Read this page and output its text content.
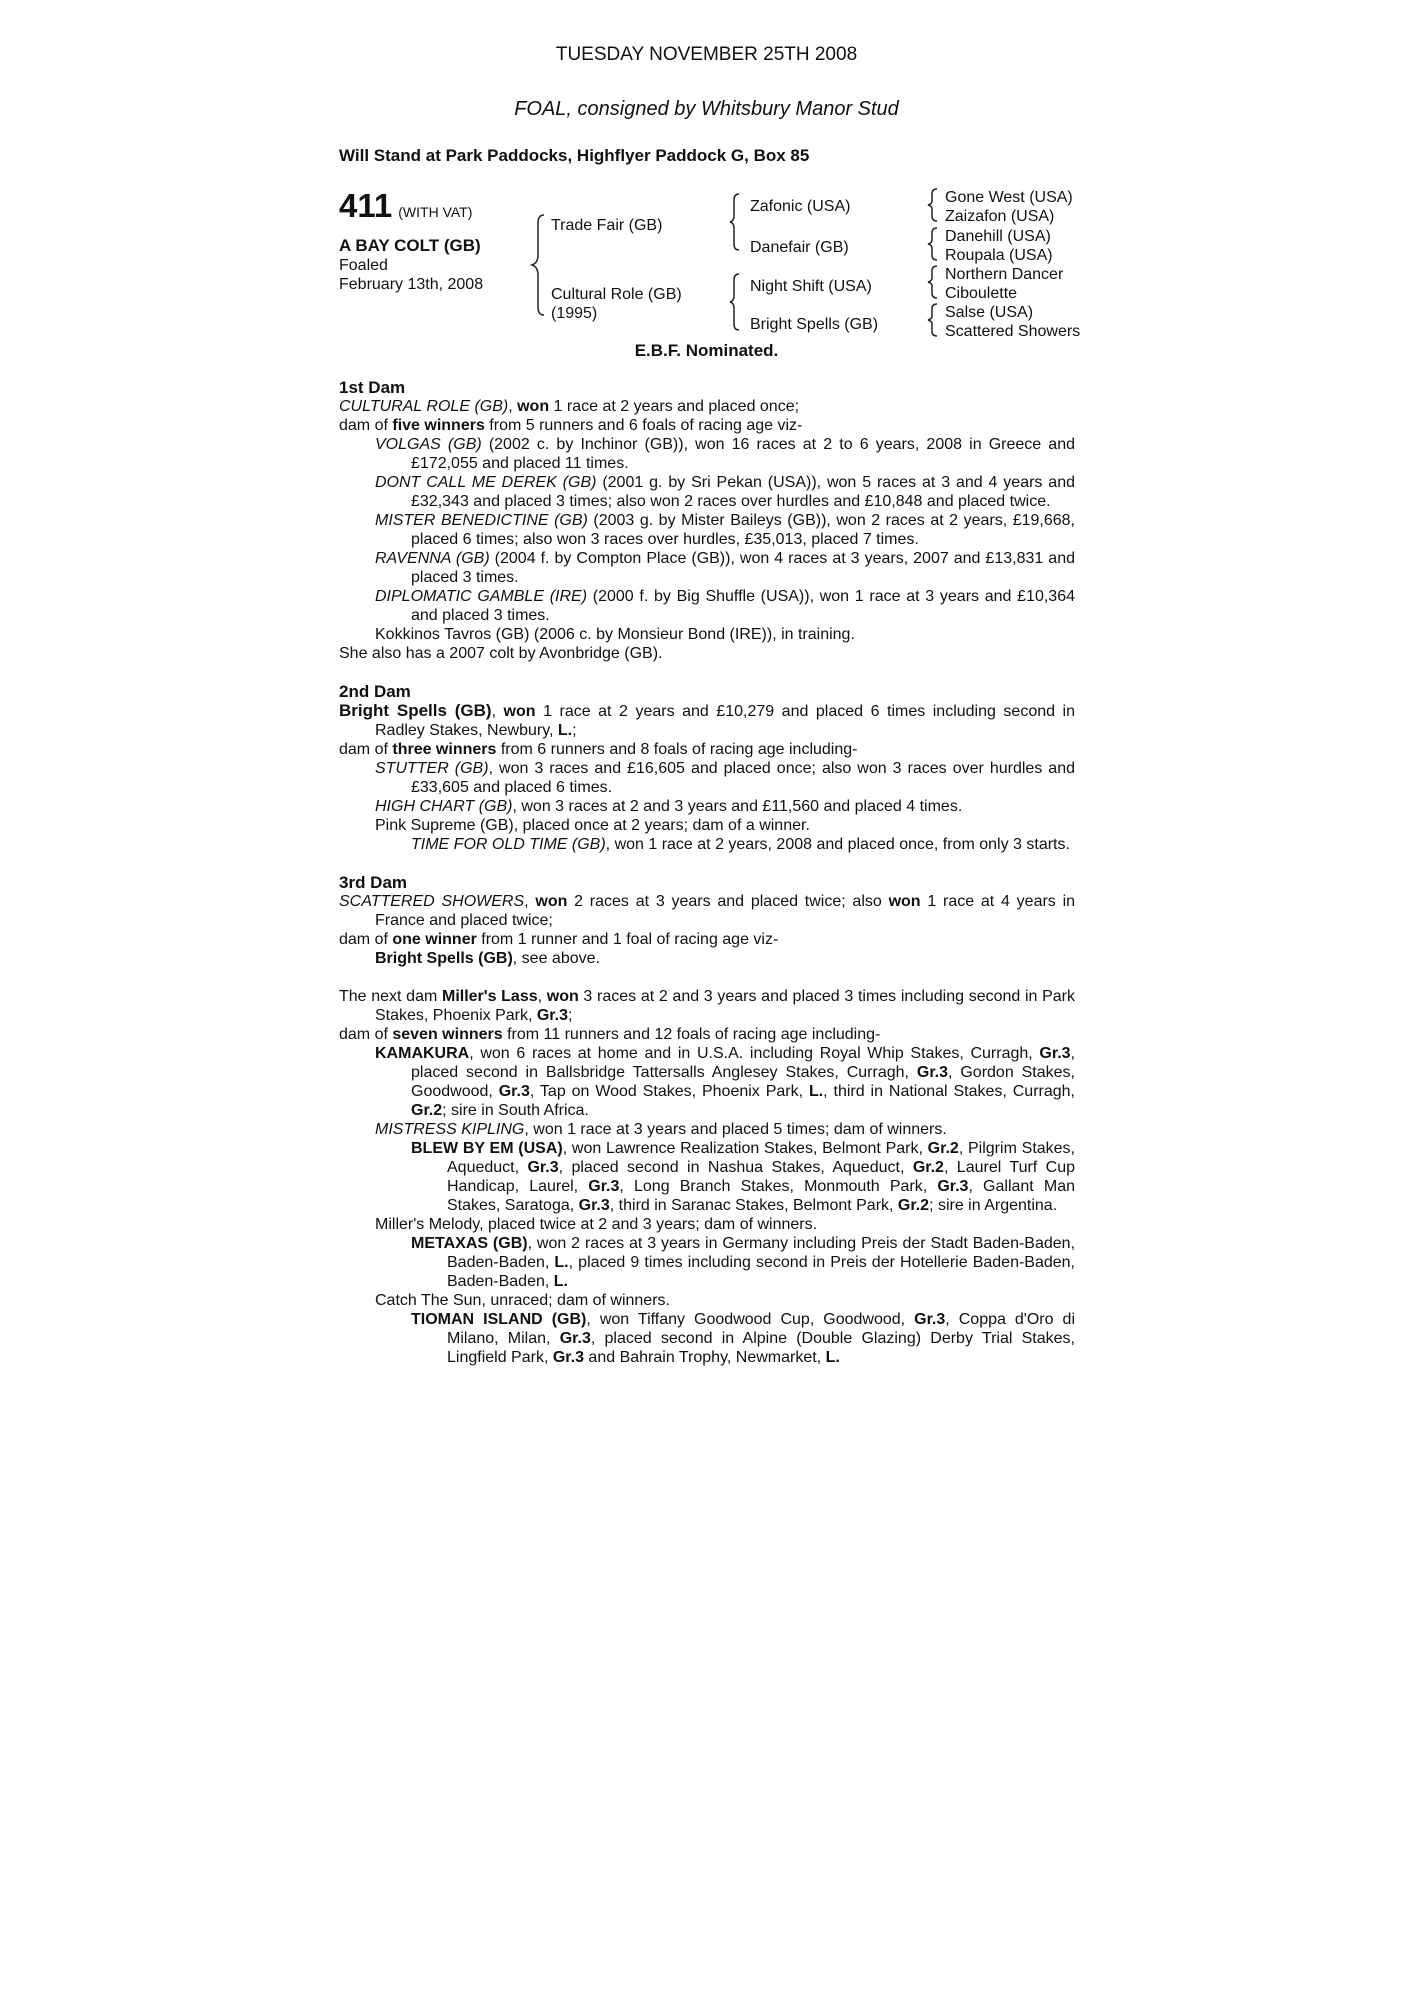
TUESDAY NOVEMBER 25TH 2008
FOAL, consigned by Whitsbury Manor Stud
Will Stand at Park Paddocks, Highflyer Paddock G, Box 85
411 (WITH VAT)
A BAY COLT (GB)
Foaled
February 13th, 2008
Trade Fair (GB)
Cultural Role (GB)
(1995)
Zafonic (USA)
Danefair (GB)
Night Shift (USA)
Bright Spells (GB)
Gone West (USA)
Zaizafon (USA)
Danehill (USA)
Roupala (USA)
Northern Dancer
Ciboulette
Salse (USA)
Scattered Showers
E.B.F. Nominated.

1st Dam

CULTURAL ROLE (GB), won 1 race at 2 years and placed once;

dam of five winners from 5 runners and 6 foals of racing age viz-

VOLGAS (GB) (2002 c. by Inchinor (GB)), won 16 races at 2 to 6 years, 2008 in Greece and £172,055 and placed 11 times.

DONT CALL ME DEREK (GB) (2001 g. by Sri Pekan (USA)), won 5 races at 3 and 4 years and £32,343 and placed 3 times; also won 2 races over hurdles and £10,848 and placed twice.

MISTER BENEDICTINE (GB) (2003 g. by Mister Baileys (GB)), won 2 races at 2 years, £19,668, placed 6 times; also won 3 races over hurdles, £35,013, placed 7 times.

RAVENNA (GB) (2004 f. by Compton Place (GB)), won 4 races at 3 years, 2007 and £13,831 and placed 3 times.

DIPLOMATIC GAMBLE (IRE) (2000 f. by Big Shuffle (USA)), won 1 race at 3 years and £10,364 and placed 3 times.

Kokkinos Tavros (GB) (2006 c. by Monsieur Bond (IRE)), in training.

She also has a 2007 colt by Avonbridge (GB).

2nd Dam

Bright Spells (GB), won 1 race at 2 years and £10,279 and placed 6 times including second in Radley Stakes, Newbury, L.;

dam of three winners from 6 runners and 8 foals of racing age including-

STUTTER (GB), won 3 races and £16,605 and placed once; also won 3 races over hurdles and £33,605 and placed 6 times.

HIGH CHART (GB), won 3 races at 2 and 3 years and £11,560 and placed 4 times.

Pink Supreme (GB), placed once at 2 years; dam of a winner.

TIME FOR OLD TIME (GB), won 1 race at 2 years, 2008 and placed once, from only 3 starts.

3rd Dam

SCATTERED SHOWERS, won 2 races at 3 years and placed twice; also won 1 race at 4 years in France and placed twice;

dam of one winner from 1 runner and 1 foal of racing age viz-

Bright Spells (GB), see above.

The next dam Miller's Lass, won 3 races at 2 and 3 years and placed 3 times including second in Park Stakes, Phoenix Park, Gr.3;

dam of seven winners from 11 runners and 12 foals of racing age including-

KAMAKURA, won 6 races at home and in U.S.A. including Royal Whip Stakes, Curragh, Gr.3, placed second in Ballsbridge Tattersalls Anglesey Stakes, Curragh, Gr.3, Gordon Stakes, Goodwood, Gr.3, Tap on Wood Stakes, Phoenix Park, L., third in National Stakes, Curragh, Gr.2; sire in South Africa.

MISTRESS KIPLING, won 1 race at 3 years and placed 5 times; dam of winners.

BLEW BY EM (USA), won Lawrence Realization Stakes, Belmont Park, Gr.2, Pilgrim Stakes, Aqueduct, Gr.3, placed second in Nashua Stakes, Aqueduct, Gr.2, Laurel Turf Cup Handicap, Laurel, Gr.3, Long Branch Stakes, Monmouth Park, Gr.3, Gallant Man Stakes, Saratoga, Gr.3, third in Saranac Stakes, Belmont Park, Gr.2; sire in Argentina.

Miller's Melody, placed twice at 2 and 3 years; dam of winners.

METAXAS (GB), won 2 races at 3 years in Germany including Preis der Stadt Baden-Baden, Baden-Baden, L., placed 9 times including second in Preis der Hotellerie Baden-Baden, Baden-Baden, L.

Catch The Sun, unraced; dam of winners.

TIOMAN ISLAND (GB), won Tiffany Goodwood Cup, Goodwood, Gr.3, Coppa d'Oro di Milano, Milan, Gr.3, placed second in Alpine (Double Glazing) Derby Trial Stakes, Lingfield Park, Gr.3 and Bahrain Trophy, Newmarket, L.
